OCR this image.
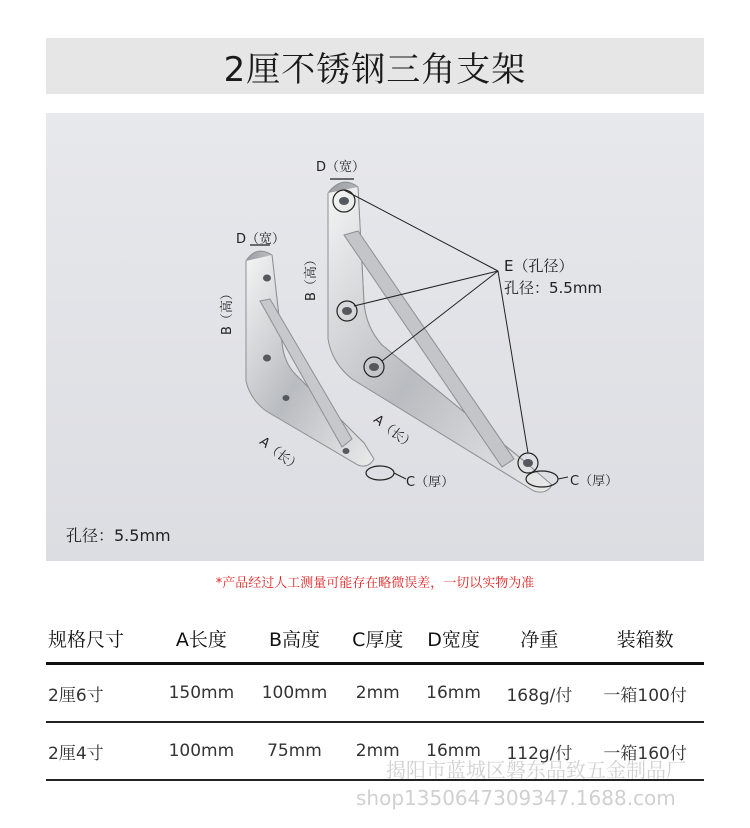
2厘不锈钢三角支架
D（宽）
B（高）
A（长）
C（厚）
D（宽）
B（高）
A（长）
C（厚）
E（孔径）
孔径：5.5mm
孔径：5.5mm
*产品经过人工测量可能存在略微误差，一切以实物为准
规格尺寸	A长度	B高度	C厚度	D宽度	净重	装箱数
2厘6寸	150mm	100mm	2mm	16mm	168g/付	一箱100付
2厘4寸	100mm	75mm	2mm	16mm	112g/付	一箱160付
揭阳市蓝城区磐东品致五金制品厂
shop1350647309347.1688.com
